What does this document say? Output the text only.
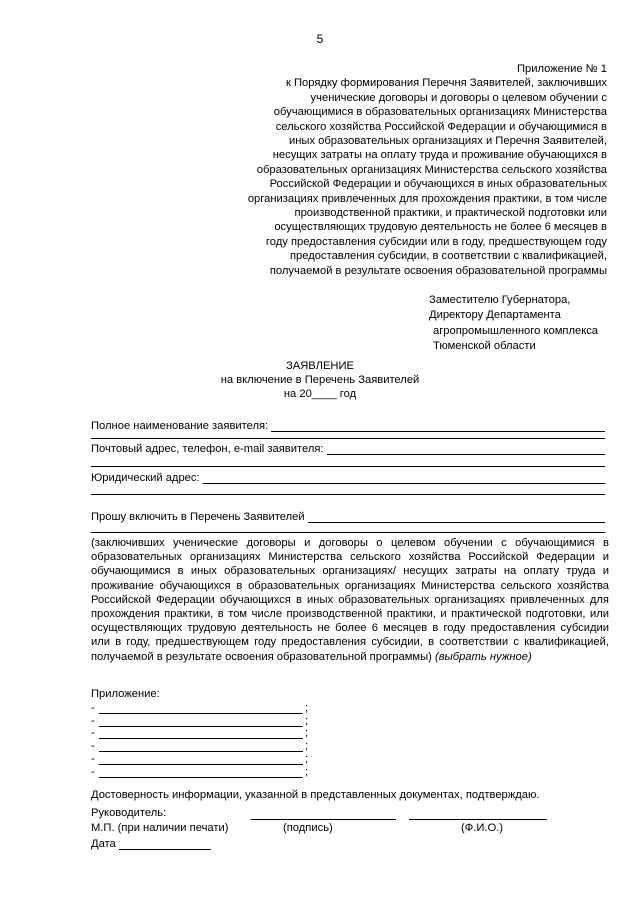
5
Приложение № 1
к Порядку формирования Перечня Заявителей, заключивших
ученические договоры и договоры о целевом обучении с
обучающимися в образовательных организациях Министерства
сельского хозяйства Российской Федерации и обучающимися в
иных образовательных организациях и Перечня Заявителей,
несущих затраты на оплату труда и проживание обучающихся в
образовательных организациях Министерства сельского хозяйства
Российской Федерации и обучающихся в иных образовательных
организациях привлеченных для прохождения практики, в том числе
производственной практики, и практической подготовки или
осуществляющих трудовую деятельность не более 6 месяцев в
году предоставления субсидии или в году, предшествующем году
предоставления субсидии, в соответствии с квалификацией,
получаемой в результате освоения образовательной программы
Заместителю Губернатора,
Директору Департамента
агропромышленного комплекса
Тюменской области
ЗАЯВЛЕНИЕ
на включение в Перечень Заявителей
на 20____ год
Полное наименование заявителя:
Почтовый адрес, телефон, e-mail заявителя:
Юридический адрес:
Прошу включить в Перечень Заявителей
(заключивших ученические договоры и договоры о целевом обучении с обучающимися в образовательных организациях Министерства сельского хозяйства Российской Федерации и обучающимися в иных образовательных организациях/ несущих затраты на оплату труда и проживание обучающихся в образовательных организациях Министерства сельского хозяйства Российской Федерации обучающихся в иных образовательных организациях привлеченных для прохождения практики, в том числе производственной практики, и практической подготовки, или осуществляющих трудовую деятельность не более 6 месяцев в году предоставления субсидии или в году, предшествующем году предоставления субсидии, в соответствии с квалификацией, получаемой в результате освоения образовательной программы) (выбрать нужное)
Приложение:
-	;
-	;
-	;
-	;
-	;
-	;
Достоверность информации, указанной в представленных документах, подтверждаю.
Руководитель:
М.П. (при наличии печати)	(подпись)	(Ф.И.О.)
Дата
